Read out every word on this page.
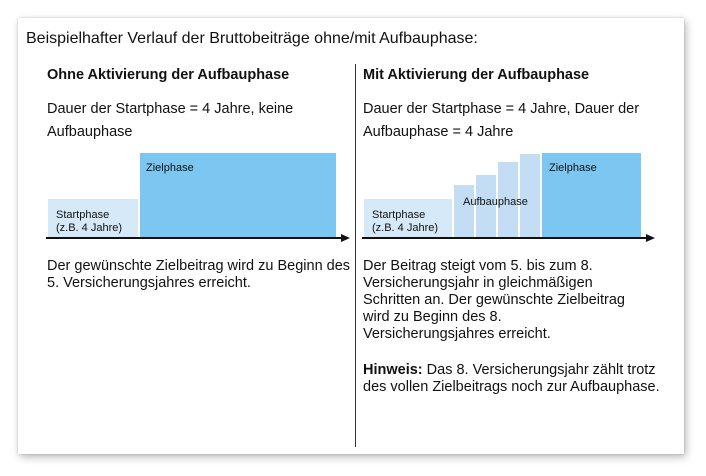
Beispielhafter Verlauf der Bruttobeiträge ohne/mit Aufbauphase:
Ohne Aktivierung der Aufbauphase
Dauer der Startphase = 4 Jahre, keine Aufbauphase
Startphase
(z.B. 4 Jahre)
Zielphase
Der gewünschte Zielbeitrag wird zu Beginn des 5. Versicherungsjahres erreicht.
Mit Aktivierung der Aufbauphase
Dauer der Startphase = 4 Jahre, Dauer der Aufbauphase = 4 Jahre
Startphase
(z.B. 4 Jahre)
Aufbauphase
Zielphase
Der Beitrag steigt vom 5. bis zum 8. Versicherungsjahr in gleichmäßigen Schritten an. Der gewünschte Zielbeitrag wird zu Beginn des 8. Versicherungsjahres erreicht.
Hinweis: Das 8. Versicherungsjahr zählt trotz des vollen Zielbeitrags noch zur Aufbauphase.
